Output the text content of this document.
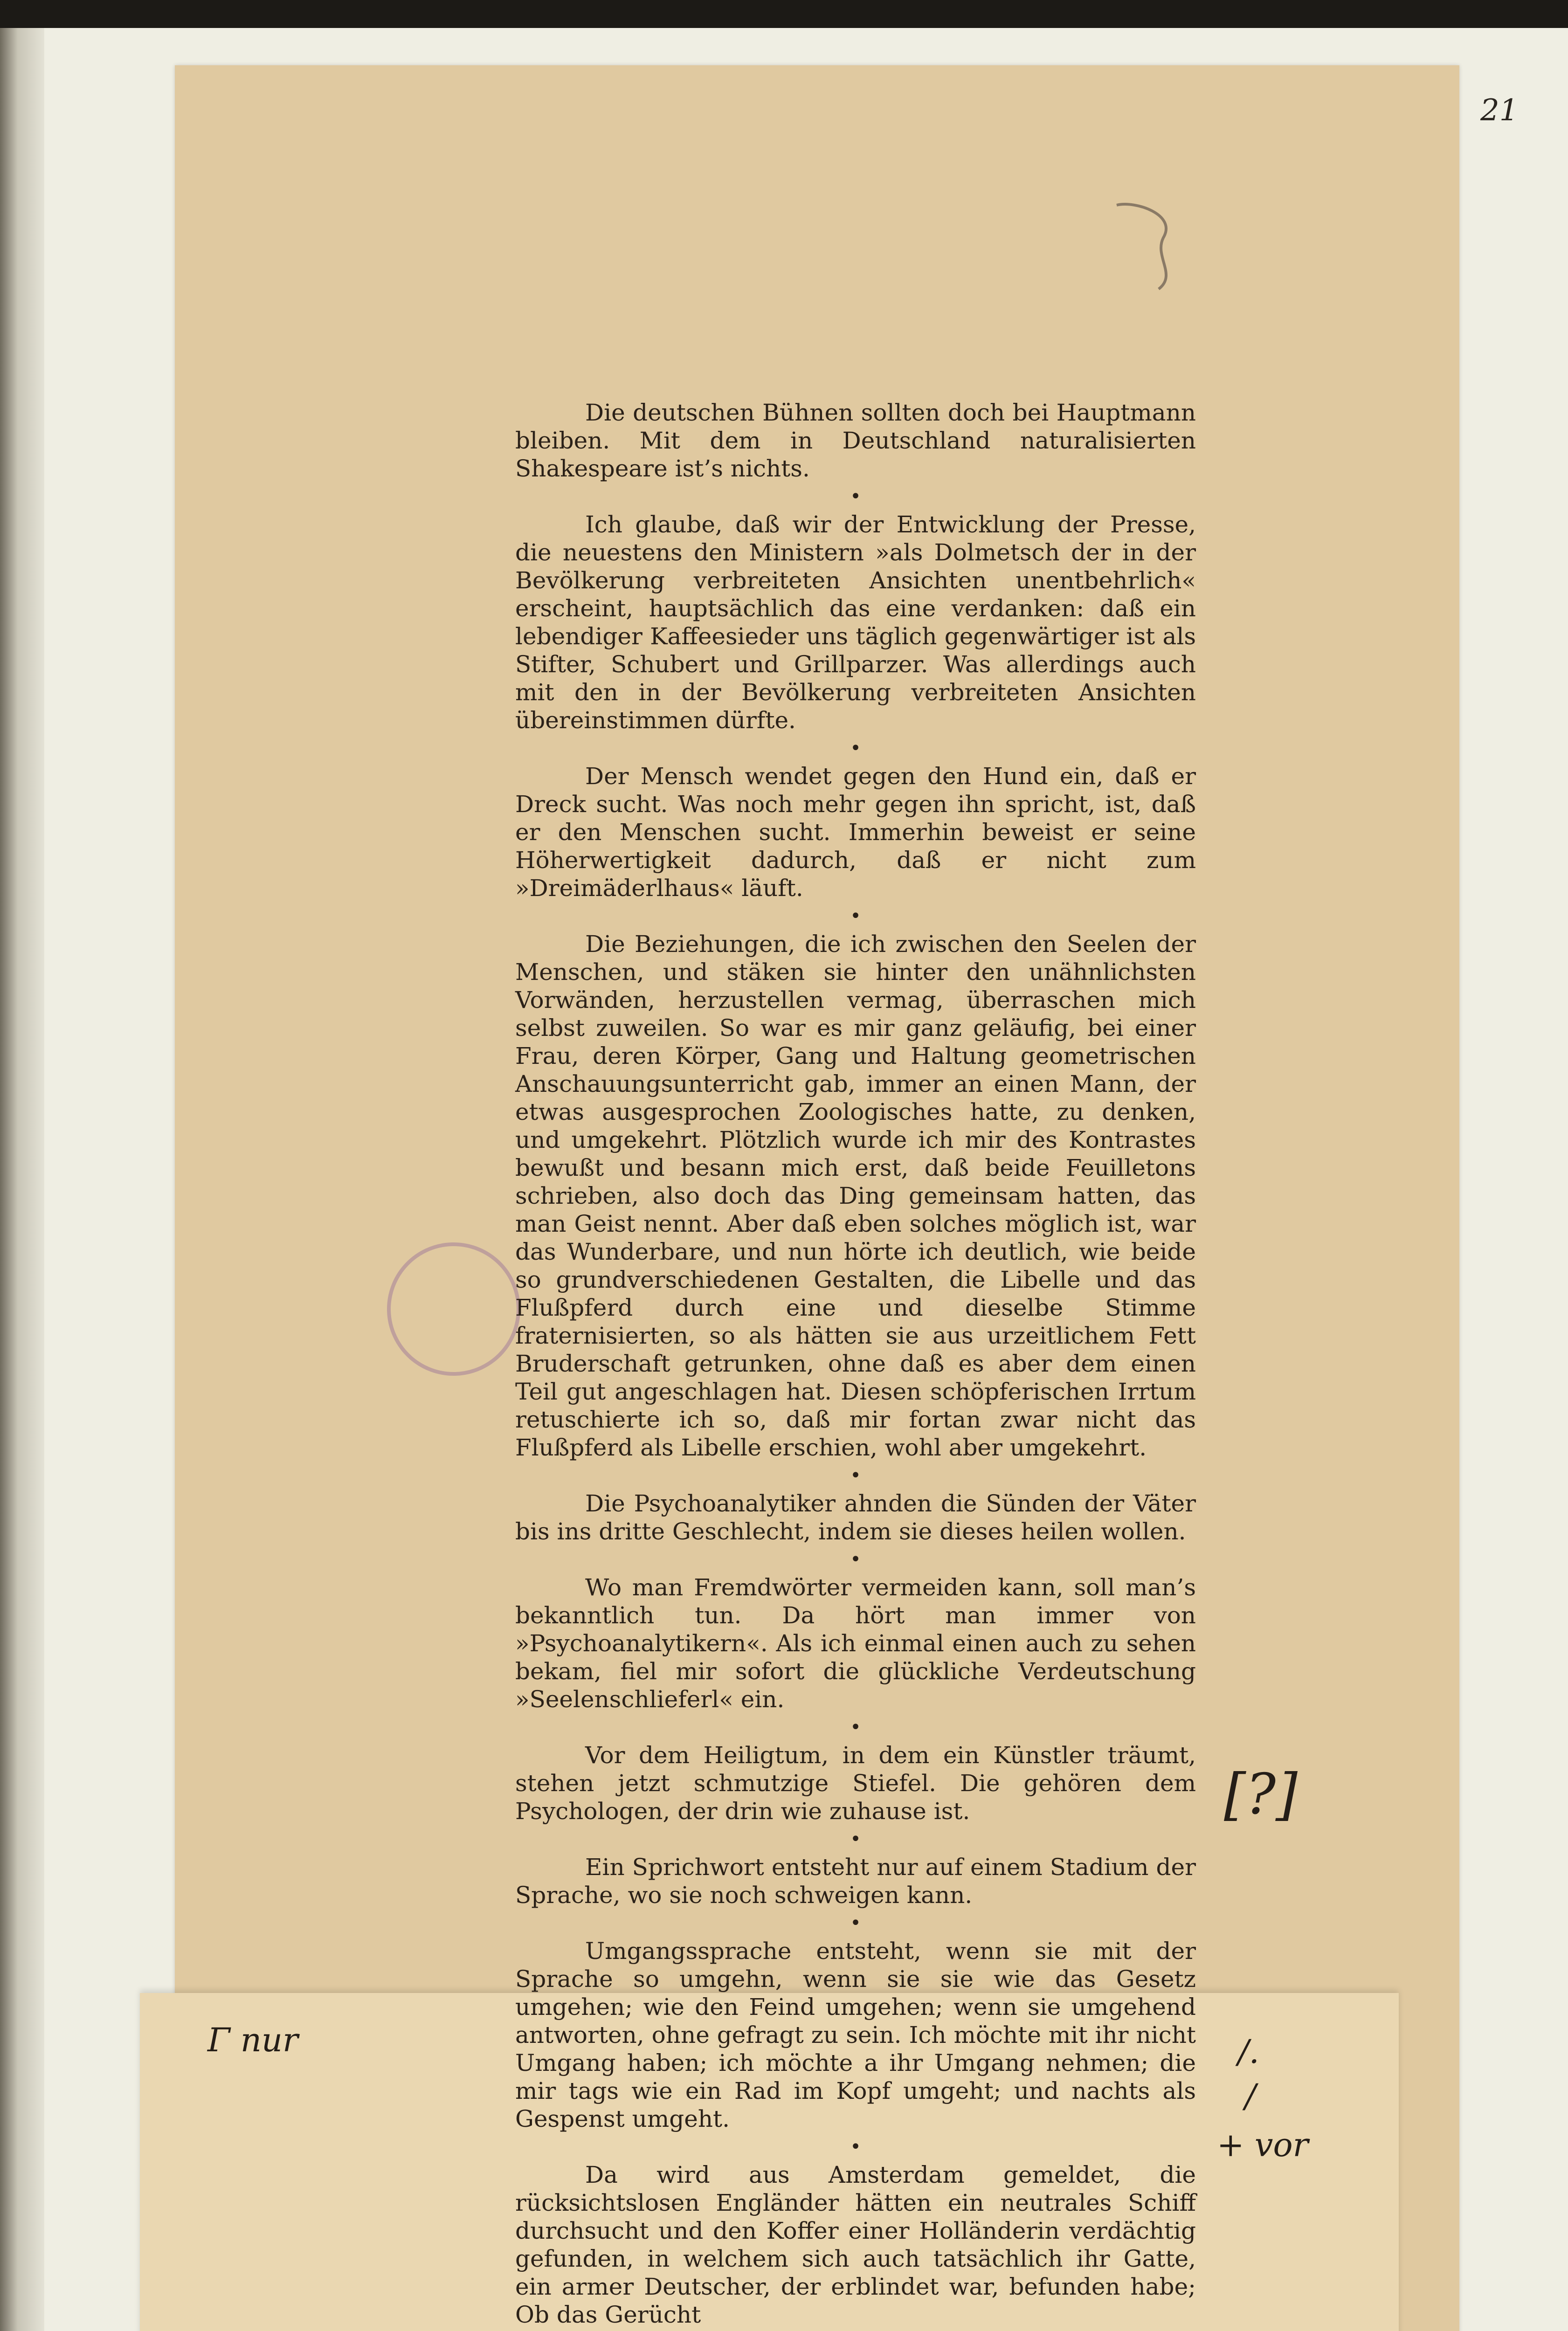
21

Die deutschen Bühnen sollten doch bei Hauptmann bleiben. Mit dem in Deutschland naturalisierten Shakespeare ist’s nichts.

•

Ich glaube, daß wir der Entwicklung der Presse, die neuestens den Ministern »als Dolmetsch der in der Bevölkerung verbreiteten Ansichten unentbehrlich« erscheint, hauptsächlich das eine verdanken: daß ein lebendiger Kaffeesieder uns täglich gegenwärtiger ist als Stifter, Schubert und Grillparzer. Was allerdings auch mit den in der Bevölkerung verbreiteten Ansichten übereinstimmen dürfte.

•

Der Mensch wendet gegen den Hund ein, daß er Dreck sucht. Was noch mehr gegen ihn spricht, ist, daß er den Menschen sucht. Immerhin beweist er seine Höherwertigkeit dadurch, daß er nicht zum »Dreimäderlhaus« läuft.

•

Die Beziehungen, die ich zwischen den Seelen der Menschen, und stäken sie hinter den unähnlichsten Vorwänden, herzustellen vermag, überraschen mich selbst zuweilen. So war es mir ganz geläufig, bei einer Frau, deren Körper, Gang und Haltung geometrischen Anschauungsunterricht gab, immer an einen Mann, der etwas ausgesprochen Zoologisches hatte, zu denken, und umgekehrt. Plötzlich wurde ich mir des Kontrastes bewußt und besann mich erst, daß beide Feuilletons schrieben, also doch das Ding gemeinsam hatten, das man Geist nennt. Aber daß eben solches möglich ist, war das Wunderbare, und nun hörte ich deutlich, wie beide so grundverschiedenen Gestalten, die Libelle und das Flußpferd durch eine und dieselbe Stimme fraternisierten, so als hätten sie aus urzeitlichem Fett Bruderschaft getrunken, ohne daß es aber dem einen Teil gut angeschlagen hat. Diesen schöpferischen Irrtum retuschierte ich so, daß mir fortan zwar nicht das Flußpferd als Libelle erschien, wohl aber umgekehrt.

•

Die Psychoanalytiker ahnden die Sünden der Väter bis ins dritte Geschlecht, indem sie dieses heilen wollen.

•

Wo man Fremdwörter vermeiden kann, soll man’s bekanntlich tun. Da hört man immer von »Psychoanalytikern«. Als ich einmal einen auch zu sehen bekam, fiel mir sofort die glückliche Verdeutschung »Seelenschlieferl« ein.

•

Vor dem Heiligtum, in dem ein Künstler träumt, stehen jetzt schmutzige Stiefel. Die gehören dem Psychologen, der drin wie zuhause ist.

•

Ein Sprichwort entsteht nur auf einem Stadium der Sprache, wo sie noch schweigen kann.

•

Umgangssprache entsteht, wenn sie mit der Sprache so umgehn, wenn sie sie wie das Gesetz umgehen; wie den Feind umgehen; wenn sie umgehend antworten, ohne gefragt zu sein. Ich möchte mit ihr nicht Umgang haben; ich möchte a ihr Umgang nehmen; die mir tags wie ein Rad im Kopf umgeht; und nachts als Gespenst umgeht.

•

Da wird aus Amsterdam gemeldet, die rücksichtslosen Engländer hätten ein neutrales Schiff durchsucht und den Koffer einer Holländerin verdächtig gefunden, in welchem sich auch tatsächlich ihr Gatte, ein armer Deutscher, der erblindet war, befunden habe; Ob das Gerücht

Γ nur
[?]
/.
/
+ vor
